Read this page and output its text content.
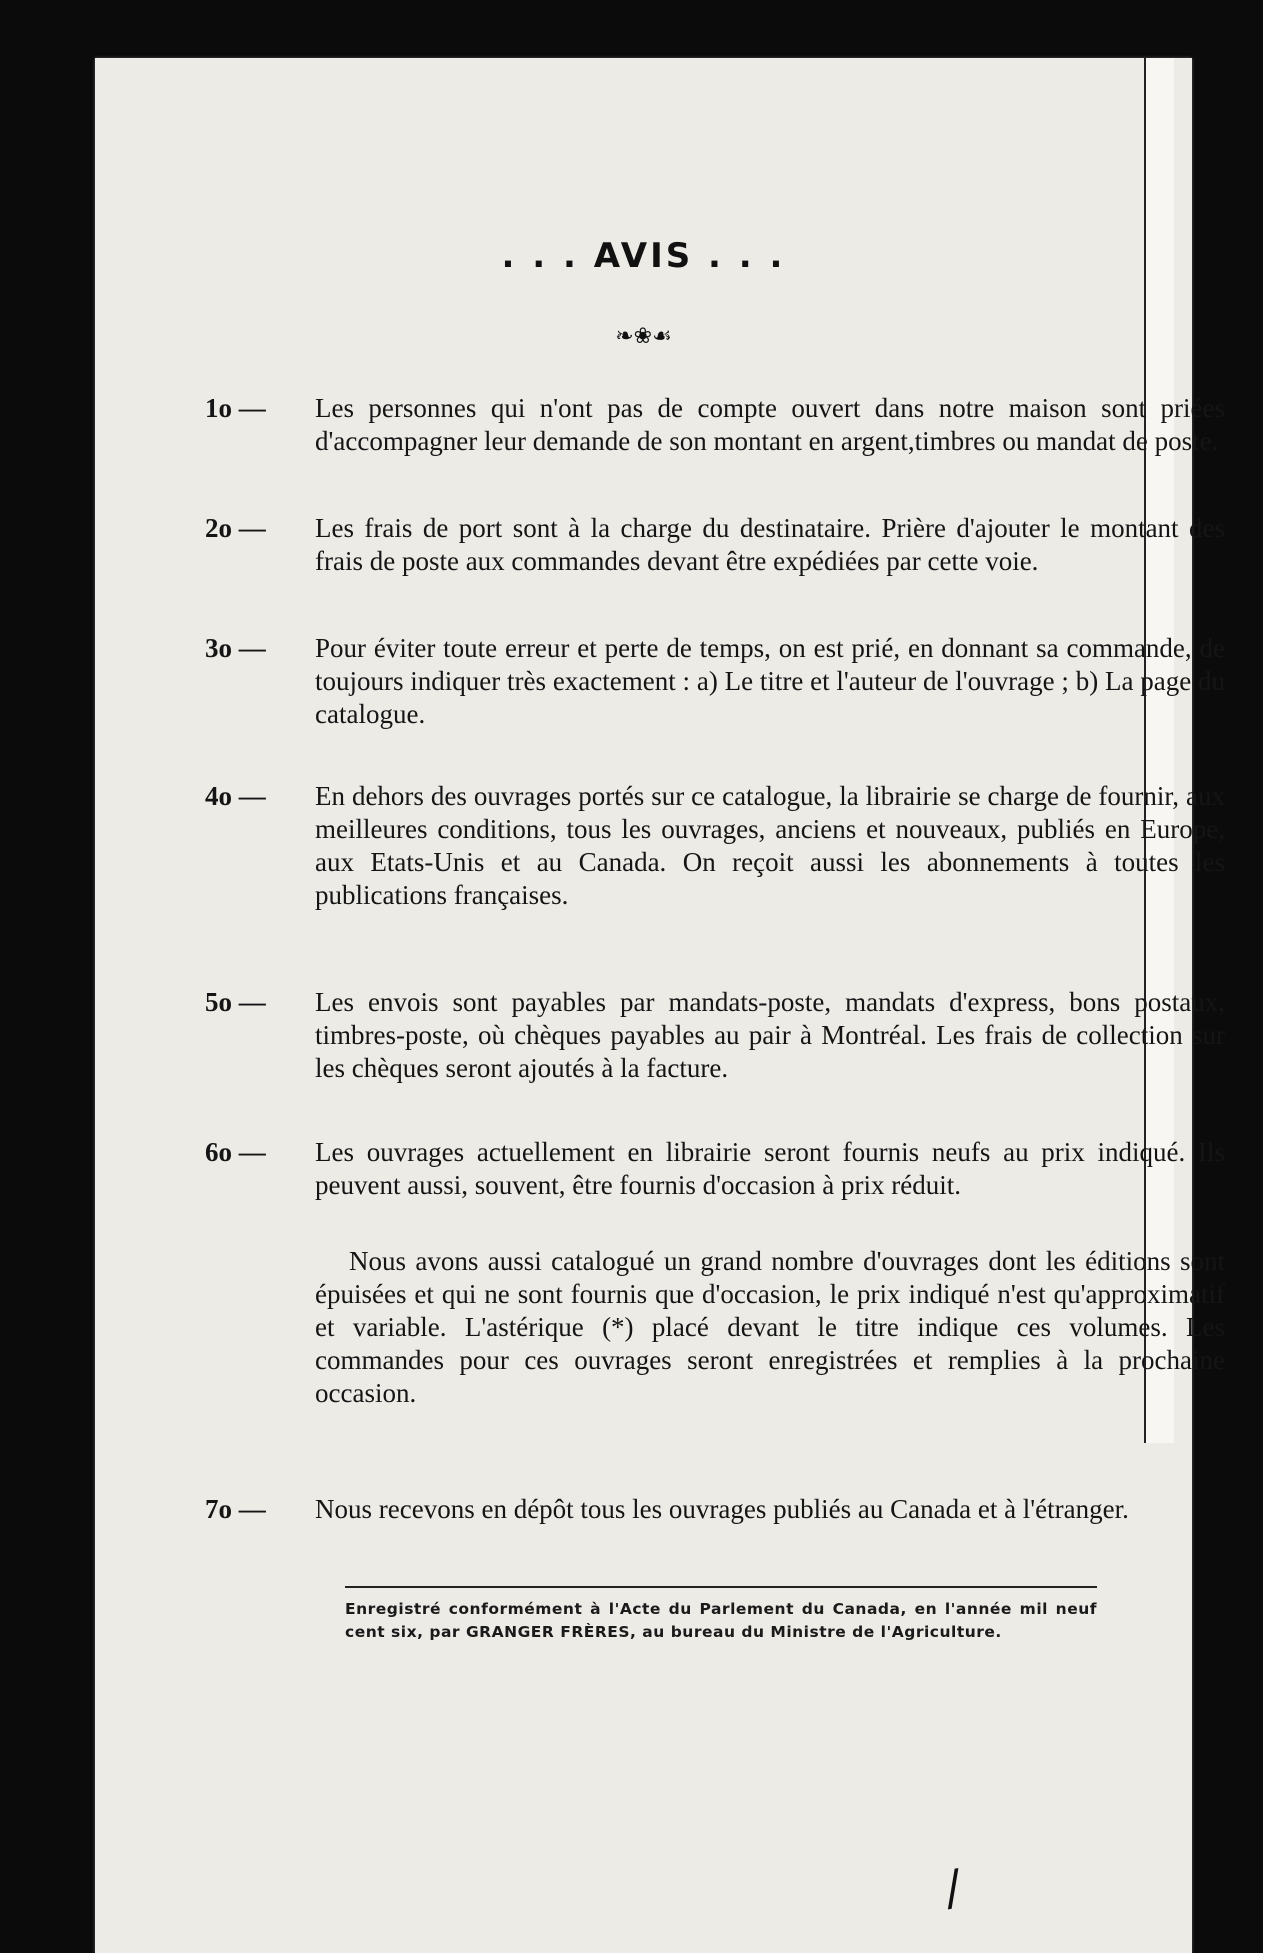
. . . AVIS . . .
❧❀☙
1o —	Les personnes qui n'ont pas de compte ouvert dans notre maison sont priées d'accompagner leur demande de son montant en argent,timbres ou mandat de poste.
2o —	Les frais de port sont à la charge du destinataire. Prière d'ajouter le montant des frais de poste aux commandes devant être expédiées par cette voie.
3o —	Pour éviter toute erreur et perte de temps, on est prié, en donnant sa commande, de toujours indiquer très exactement : a) Le titre et l'auteur de l'ouvrage ; b) La page du catalogue.
4o —	En dehors des ouvrages portés sur ce catalogue, la librairie se charge de fournir, aux meilleures conditions, tous les ouvrages, anciens et nouveaux, publiés en Europe, aux Etats-Unis et au Canada. On reçoit aussi les abonnements à toutes les publications françaises.
5o —	Les envois sont payables par mandats-poste, mandats d'express, bons postaux, timbres-poste, où chèques payables au pair à Montréal. Les frais de collection sur les chèques seront ajoutés à la facture.
6o —	Les ouvrages actuellement en librairie seront fournis neufs au prix indiqué. Ils peuvent aussi, souvent, être fournis d'occasion à prix réduit.
Nous avons aussi catalogué un grand nombre d'ouvrages dont les éditions sont épuisées et qui ne sont fournis que d'occasion, le prix indiqué n'est qu'approximatif et variable. L'astérique (*) placé devant le titre indique ces volumes. Les commandes pour ces ouvrages seront enregistrées et remplies à la prochaine occasion.
7o —	Nous recevons en dépôt tous les ouvrages publiés au Canada et à l'étranger.
Enregistré conformément à l'Acte du Parlement du Canada, en l'année mil neuf cent six, par GRANGER FRÈRES, au bureau du Ministre de l'Agriculture.
/
